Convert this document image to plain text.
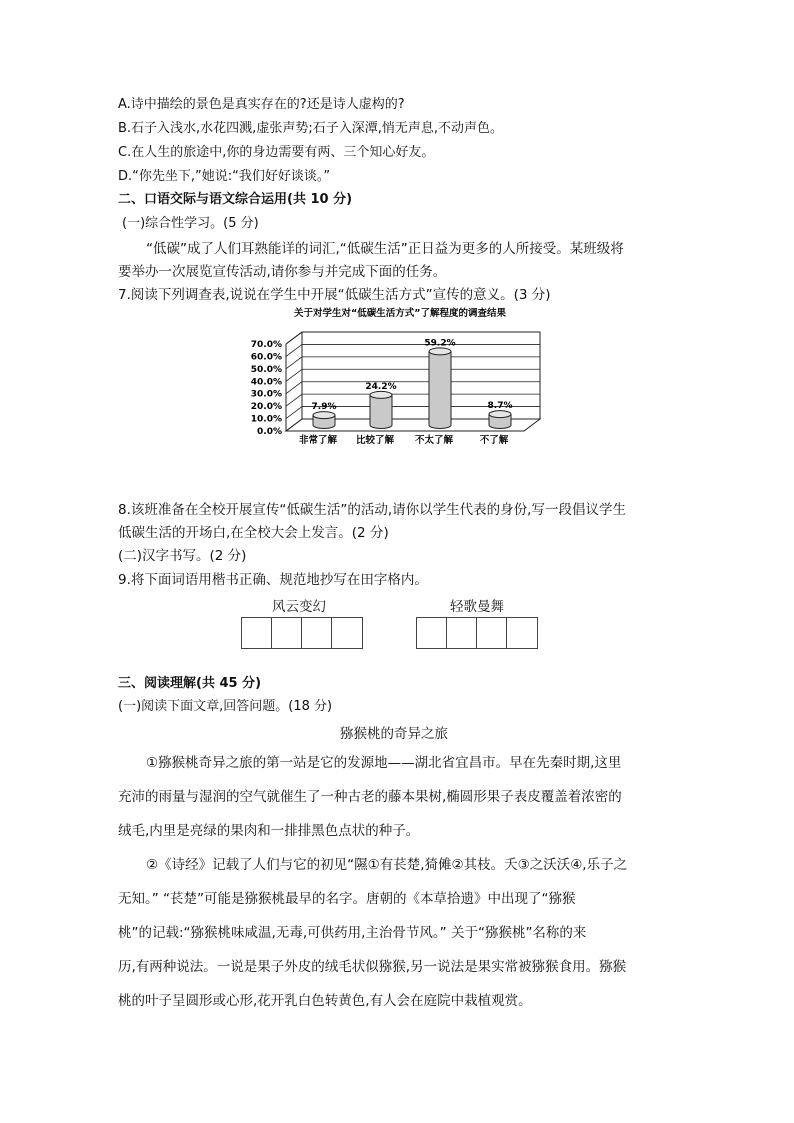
A.诗中描绘的景色是真实存在的?还是诗人虚构的?
B.石子入浅水,水花四溅,虚张声势;石子入深潭,悄无声息,不动声色。
C.在人生的旅途中,你的身边需要有两、三个知心好友。
D.“你先坐下,”她说:“我们好好谈谈。”
二、口语交际与语文综合运用(共 10 分)
(一)综合性学习。(5 分)
“低碳”成了人们耳熟能详的词汇,“低碳生活”正日益为更多的人所接受。某班级将
要举办一次展览宣传活动,请你参与并完成下面的任务。
7.阅读下列调查表,说说在学生中开展“低碳生活方式”宣传的意义。(3 分)
关于对学生对“低碳生活方式”了解程度的调查结果
0.0%
10.0%
20.0%
30.0%
40.0%
50.0%
60.0%
70.0%
7.9%
24.2%
59.2%
8.7%
非常了解 比较了解 不太了解	不了解
8.该班准备在全校开展宣传“低碳生活”的活动,请你以学生代表的身份,写一段倡议学生
低碳生活的开场白,在全校大会上发言。(2 分)
(二)汉字书写。(2 分)
9.将下面词语用楷书正确、规范地抄写在田字格内。
风云变幻	轻歌曼舞
三、阅读理解(共 45 分)
(一)阅读下面文章,回答问题。(18 分)
猕猴桃的奇异之旅

①猕猴桃奇异之旅的第一站是它的发源地——湖北省宜昌市。早在先秦时期,这里

充沛的雨量与湿润的空气就催生了一种古老的藤本果树,椭圆形果子表皮覆盖着浓密的

绒毛,内里是亮绿的果肉和一排排黑色点状的种子。

②《诗经》记载了人们与它的初见“隰①有苌楚,猗傩②其枝。夭③之沃沃④,乐子之

无知。” “苌楚”可能是猕猴桃最早的名字。唐朝的《本草拾遗》中出现了“猕猴

桃”的记载:“猕猴桃味咸温,无毒,可供药用,主治骨节风。” 关于“猕猴桃”名称的来

历,有两种说法。一说是果子外皮的绒毛状似猕猴,另一说法是果实常被猕猴食用。猕猴

桃的叶子呈圆形或心形,花开乳白色转黄色,有人会在庭院中栽植观赏。
